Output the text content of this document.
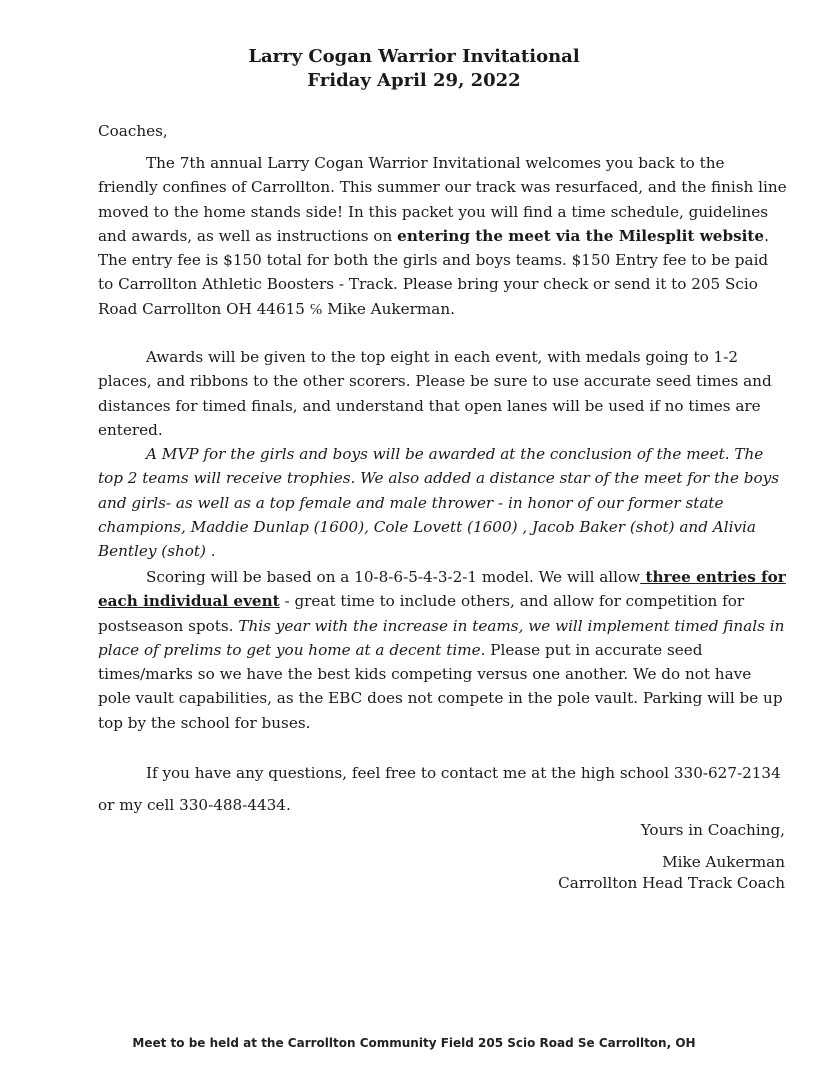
Larry Cogan Warrior Invitational
Friday April 29, 2022

Coaches,

The 7th annual Larry Cogan Warrior Invitational welcomes you back to the friendly confines of Carrollton. This summer our track was resurfaced, and the finish line moved to the home stands side! In this packet you will find a time schedule, guidelines and awards, as well as instructions on entering the meet via the Milesplit website. The entry fee is $150 total for both the girls and boys teams. $150 Entry fee to be paid to Carrollton Athletic Boosters - Track. Please bring your check or send it to 205 Scio Road Carrollton OH 44615 ℅ Mike Aukerman.

Awards will be given to the top eight in each event, with medals going to 1-2 places, and ribbons to the other scorers. Please be sure to use accurate seed times and distances for timed finals, and understand that open lanes will be used if no times are entered.

A MVP for the girls and boys will be awarded at the conclusion of the meet. The top 2 teams will receive trophies. We also added a distance star of the meet for the boys and girls- as well as a top female and male thrower - in honor of our former state champions, Maddie Dunlap (1600), Cole Lovett (1600) , Jacob Baker (shot) and Alivia Bentley (shot) .

Scoring will be based on a 10-8-6-5-4-3-2-1 model. We will allow three entries for each individual event - great time to include others, and allow for competition for postseason spots. This year with the increase in teams, we will implement timed finals in place of prelims to get you home at a decent time. Please put in accurate seed times/marks so we have the best kids competing versus one another. We do not have pole vault capabilities, as the EBC does not compete in the pole vault. Parking will be up top by the school for buses.

If you have any questions, feel free to contact me at the high school 330-627-2134 or my cell 330-488-4434.

Yours in Coaching,

Mike Aukerman

Carrollton Head Track Coach

Meet to be held at the Carrollton Community Field 205 Scio Road Se Carrollton, OH
